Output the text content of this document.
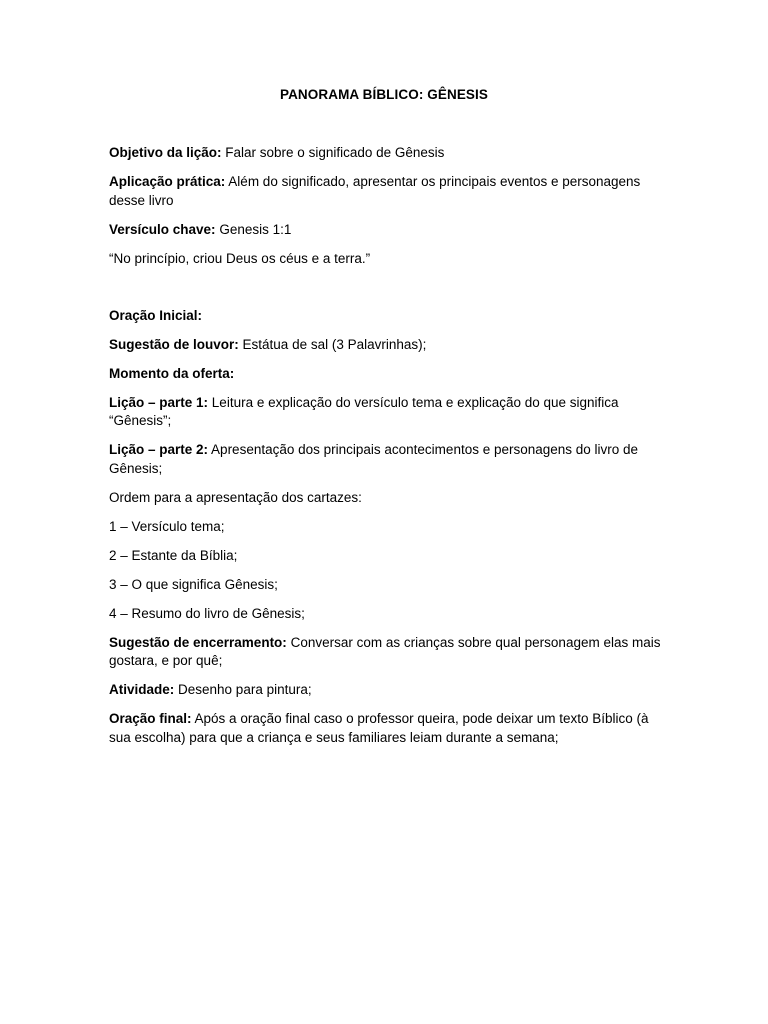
PANORAMA BÍBLICO: GÊNESIS

Objetivo da lição: Falar sobre o significado de Gênesis

Aplicação prática: Além do significado, apresentar os principais eventos e personagens desse livro

Versículo chave: Genesis 1:1

“No princípio, criou Deus os céus e a terra.”

Oração Inicial:

Sugestão de louvor: Estátua de sal (3 Palavrinhas);

Momento da oferta:

Lição – parte 1: Leitura e explicação do versículo tema e explicação do que significa “Gênesis”;

Lição – parte 2: Apresentação dos principais acontecimentos e personagens do livro de Gênesis;

Ordem para a apresentação dos cartazes:

1 – Versículo tema;

2 – Estante da Bíblia;

3 – O que significa Gênesis;

4 – Resumo do livro de Gênesis;

Sugestão de encerramento: Conversar com as crianças sobre qual personagem elas mais gostara, e por quê;

Atividade: Desenho para pintura;

Oração final: Após a oração final caso o professor queira, pode deixar um texto Bíblico (à sua escolha) para que a criança e seus familiares leiam durante a semana;
